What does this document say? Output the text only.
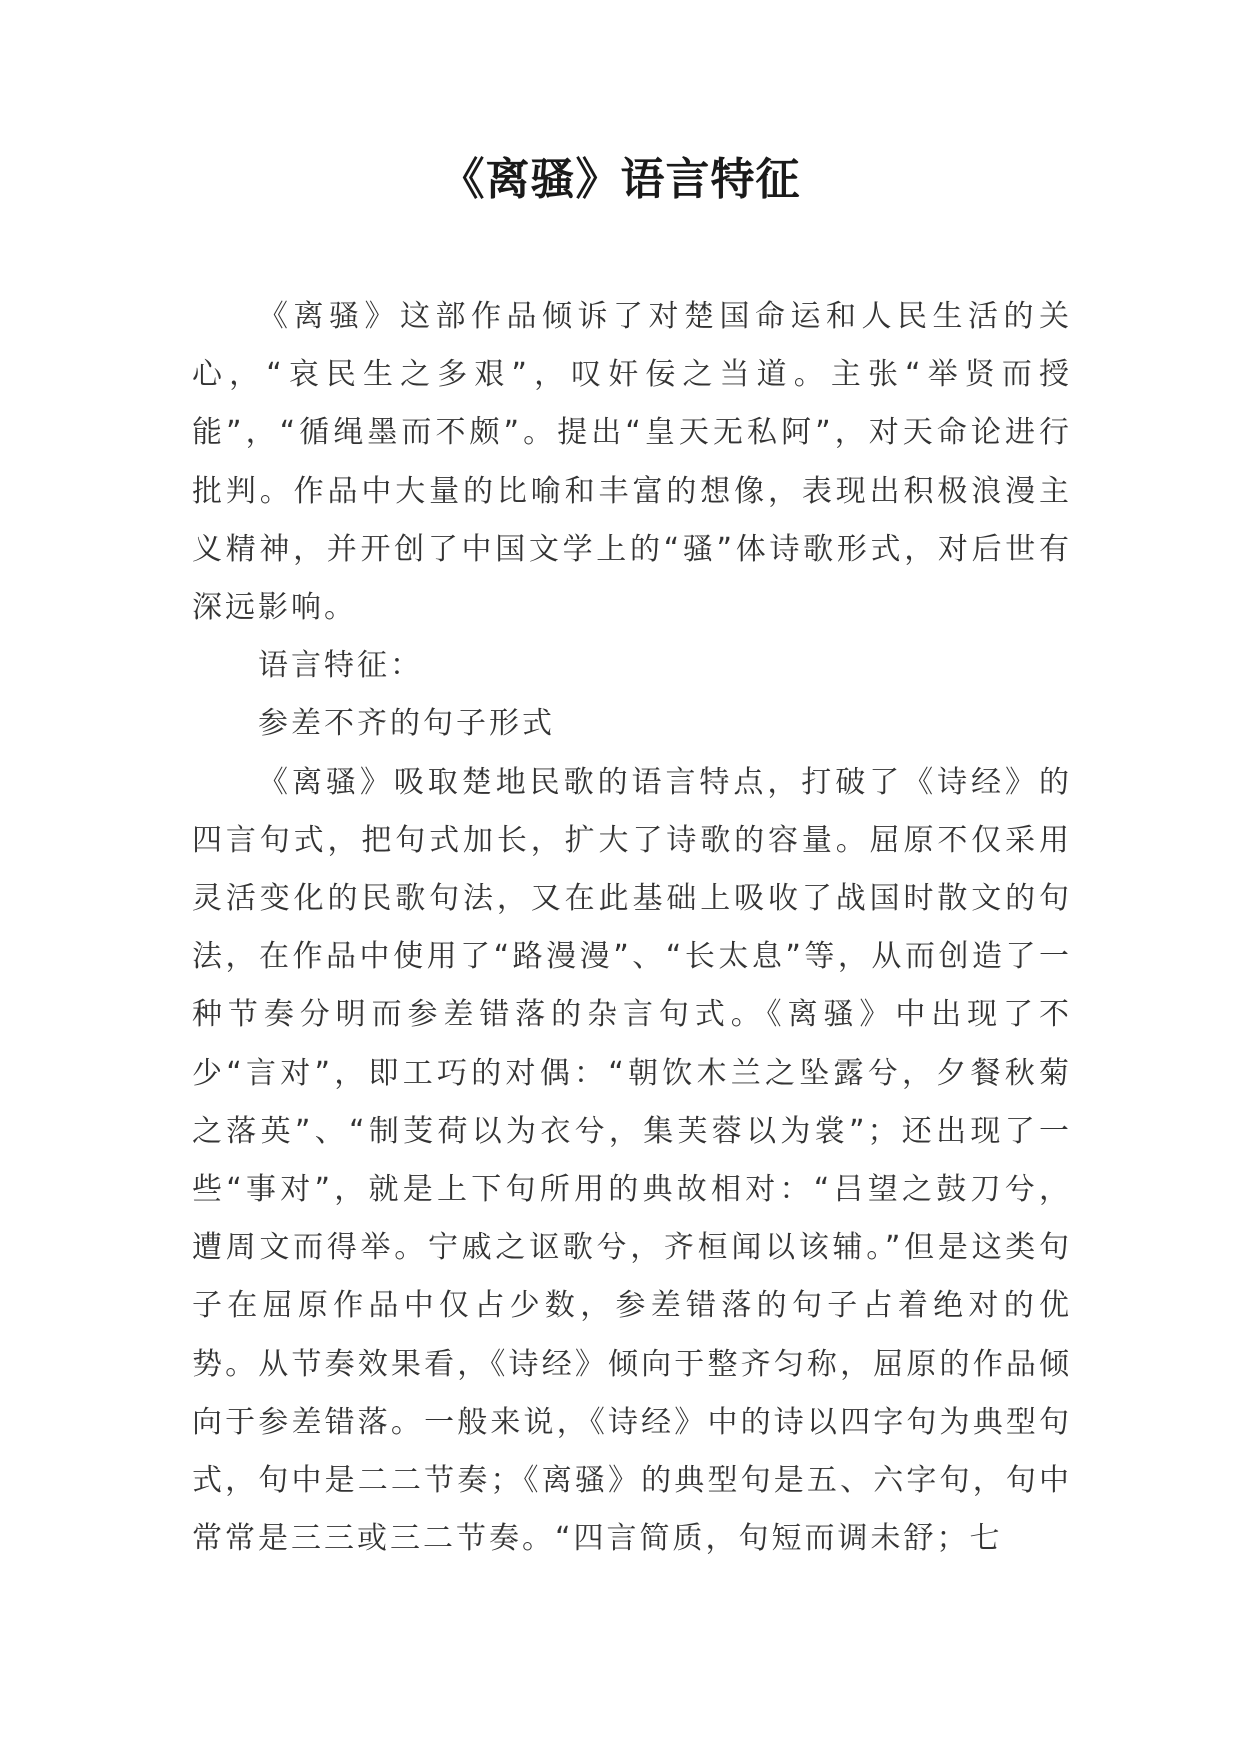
《离骚》语言特征

《离骚》这部作品倾诉了对楚国命运和人民生活的关心，“哀民生之多艰”，叹奸佞之当道。主张“举贤而授能”，“循绳墨而不颇”。提出“皇天无私阿”，对天命论进行批判。作品中大量的比喻和丰富的想像，表现出积极浪漫主义精神，并开创了中国文学上的“骚”体诗歌形式，对后世有深远影响。

语言特征：

参差不齐的句子形式

《离骚》吸取楚地民歌的语言特点，打破了《诗经》的四言句式，把句式加长，扩大了诗歌的容量。屈原不仅采用灵活变化的民歌句法，又在此基础上吸收了战国时散文的句法，在作品中使用了“路漫漫”、“长太息”等，从而创造了一种节奏分明而参差错落的杂言句式。《离骚》中出现了不少“言对”，即工巧的对偶：“朝饮木兰之坠露兮，夕餐秋菊之落英”、“制芰荷以为衣兮，集芙蓉以为裳”；还出现了一些“事对”，就是上下句所用的典故相对：“吕望之鼓刀兮，遭周文而得举。宁戚之讴歌兮，齐桓闻以该辅。”但是这类句子在屈原作品中仅占少数，参差错落的句子占着绝对的优势。从节奏效果看，《诗经》倾向于整齐匀称，屈原的作品倾向于参差错落。一般来说，《诗经》中的诗以四字句为典型句式，句中是二二节奏；《离骚》的典型句是五、六字句，句中常常是三三或三二节奏。“四言简质，句短而调未舒；七
